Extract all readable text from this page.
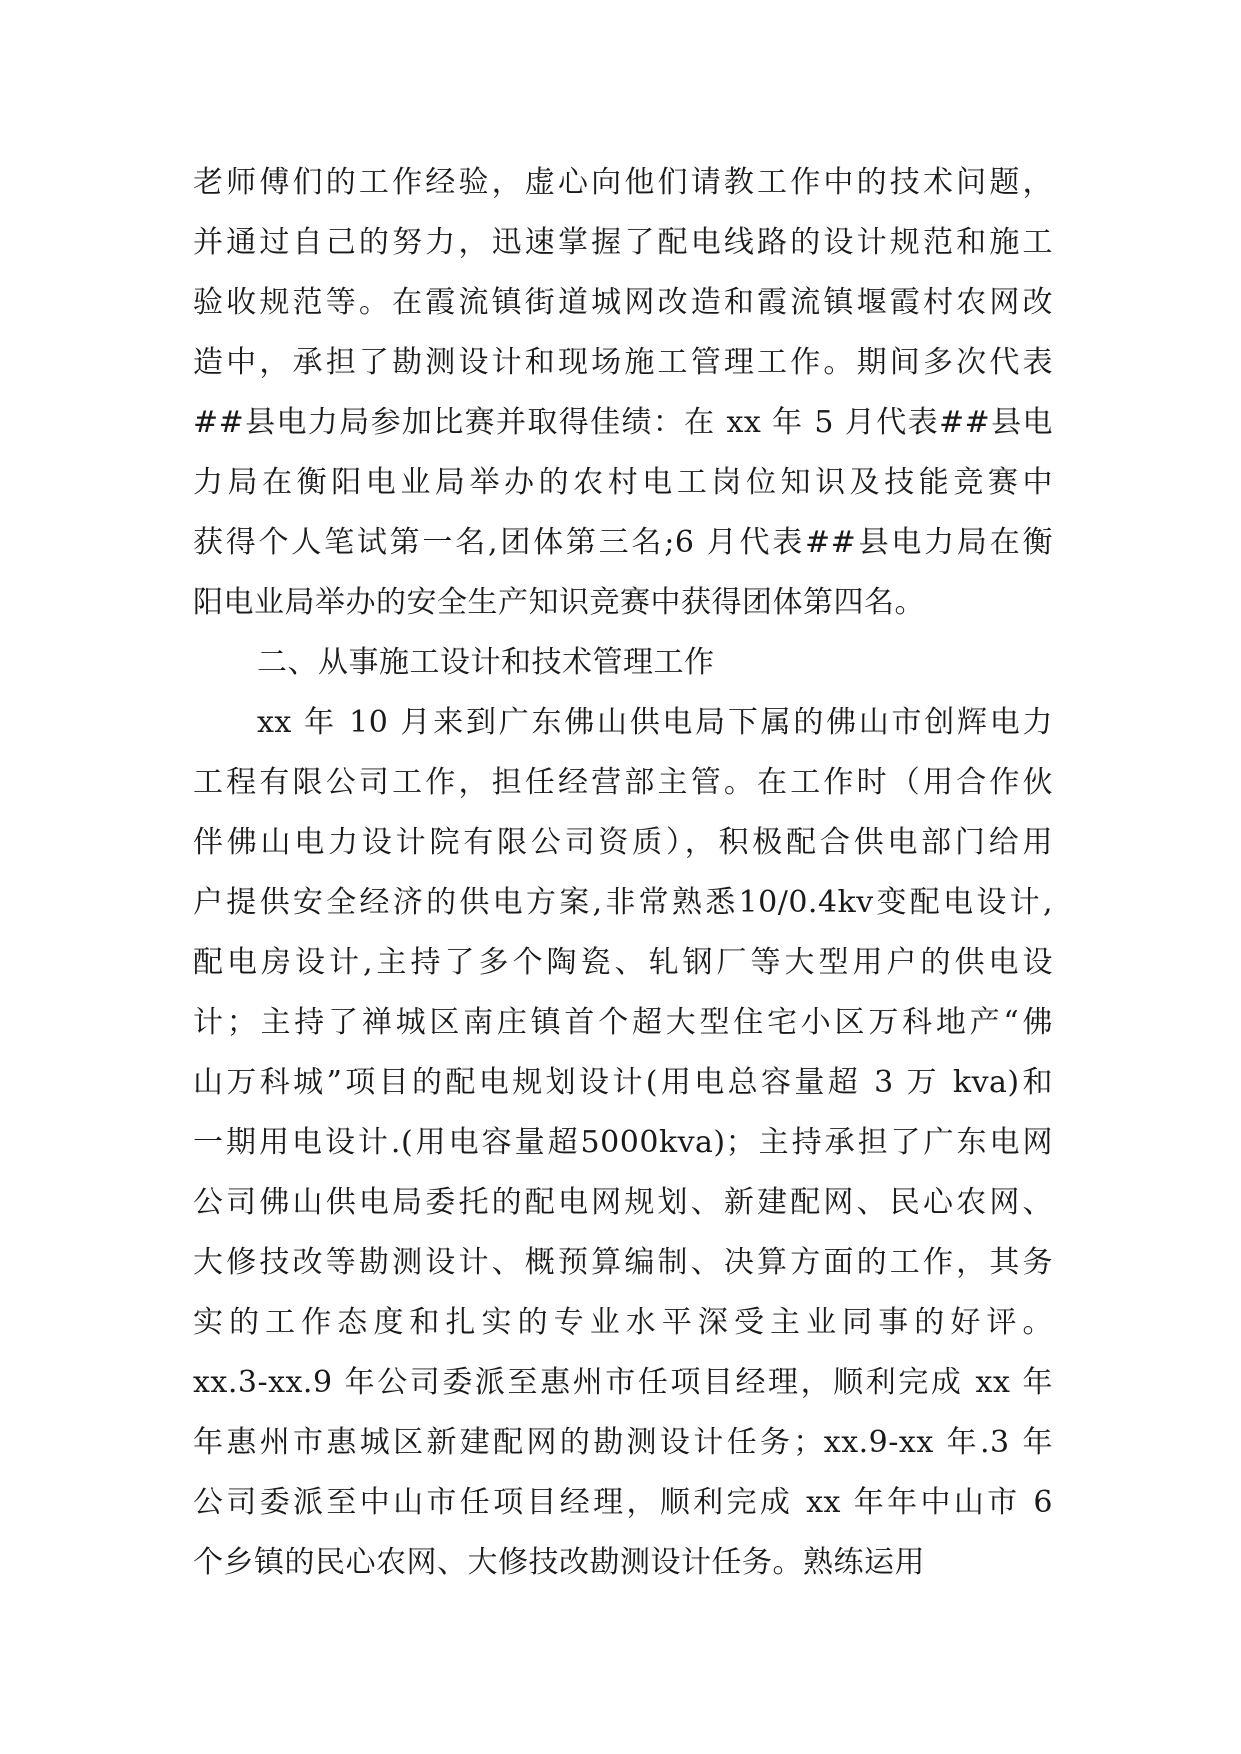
老师傅们的工作经验，虚心向他们请教工作中的技术问题，
并通过自己的努力，迅速掌握了配电线路的设计规范和施工
验收规范等。在霞流镇街道城网改造和霞流镇堰霞村农网改
造中，承担了勘测设计和现场施工管理工作。期间多次代表
##县电力局参加比赛并取得佳绩：在 xx 年 5 月代表##县电
力局在衡阳电业局举办的农村电工岗位知识及技能竞赛中
获得个人笔试第一名,团体第三名;6 月代表##县电力局在衡
阳电业局举办的安全生产知识竞赛中获得团体第四名。
二、从事施工设计和技术管理工作
xx 年 10 月来到广东佛山供电局下属的佛山市创辉电力
工程有限公司工作，担任经营部主管。在工作时（用合作伙
伴佛山电力设计院有限公司资质），积极配合供电部门给用
户提供安全经济的供电方案,非常熟悉10/0.4kv变配电设计,
配电房设计,主持了多个陶瓷、轧钢厂等大型用户的供电设
计；主持了禅城区南庄镇首个超大型住宅小区万科地产“佛
山万科城”项目的配电规划设计(用电总容量超 3 万 kva)和
一期用电设计.(用电容量超5000kva)；主持承担了广东电网
公司佛山供电局委托的配电网规划、新建配网、民心农网、
大修技改等勘测设计、概预算编制、决算方面的工作，其务
实的工作态度和扎实的专业水平深受主业同事的好评。
xx.3-xx.9 年公司委派至惠州市任项目经理，顺利完成 xx 年
年惠州市惠城区新建配网的勘测设计任务；xx.9-xx 年.3 年
公司委派至中山市任项目经理，顺利完成 xx 年年中山市 6
个乡镇的民心农网、大修技改勘测设计任务。熟练运用
